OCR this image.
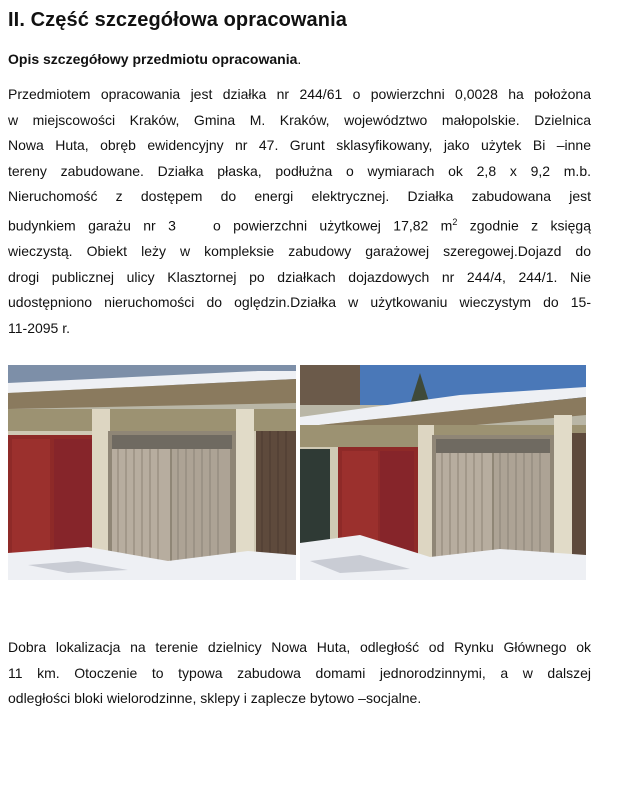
II. Część szczegółowa opracowania

Opis szczegółowy przedmiotu opracowania.

Przedmiotem opracowania jest działka nr 244/61 o powierzchni 0,0028 ha położona
w miejscowości Kraków, Gmina M. Kraków, województwo małopolskie. Dzielnica
Nowa Huta, obręb ewidencyjny nr 47. Grunt sklasyfikowany, jako użytek Bi –inne
tereny zabudowane. Działka płaska, podłużna o wymiarach ok 2,8 x 9,2 m.b.
Nieruchomość z dostępem do energi elektrycznej. Działka zabudowana jest
budynkiem garażu nr 3   o powierzchni użytkowej 17,82 $m^2$ zgodnie z księgą
wieczystą. Obiekt leży w kompleksie zabudowy garażowej szeregowej.Dojazd do
drogi publicznej ulicy Klasztornej po działkach dojazdowych nr 244/4, 244/1. Nie
udostępniono nieruchomości do oględzin.Działka w użytkowaniu wieczystym do 15-
11-2095 r.
Dobra lokalizacja na terenie dzielnicy Nowa Huta, odległość od Rynku Głównego ok
11 km. Otoczenie to typowa zabudowa domami jednorodzinnymi, a w dalszej
odległości bloki wielorodzinne, sklepy i zaplecze bytowo –socjalne.
